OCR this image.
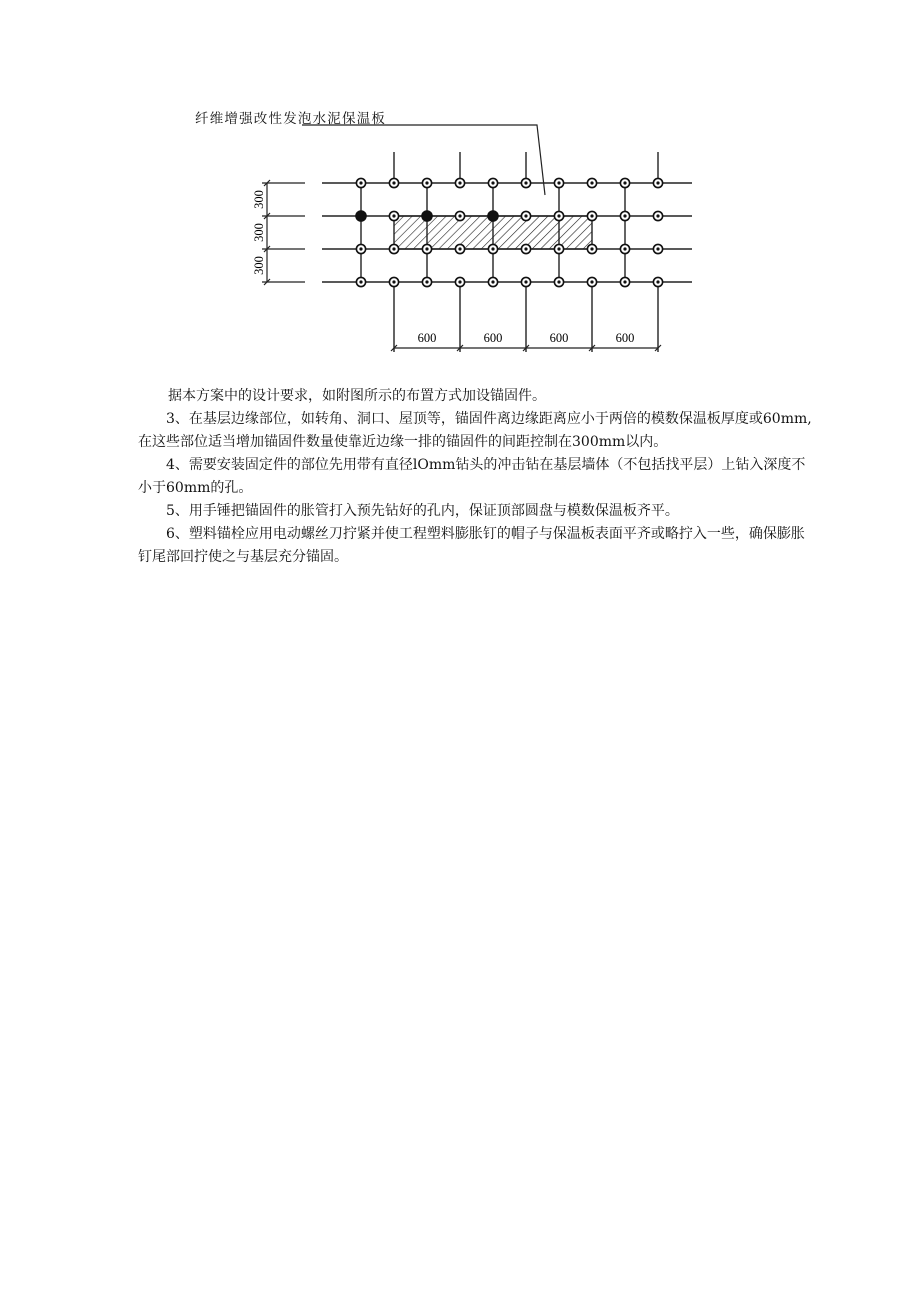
300
300
300
600	600	600	600
纤维增强改性发泡水泥保温板

据本方案中的设计要求，如附图所示的布置方式加设锚固件。

3、在基层边缘部位，如转角、洞口、屋顶等，锚固件离边缘距离应小于两倍的模数保温板厚度或60mm,在这些部位适当增加锚固件数量使靠近边缘一排的锚固件的间距控制在300mm以内。

4、需要安装固定件的部位先用带有直径lOmm钻头的冲击钻在基层墙体（不包括找平层）上钻入深度不小于60mm的孔。

5、用手锤把锚固件的胀管打入预先钻好的孔内，保证顶部圆盘与模数保温板齐平。

6、塑料锚栓应用电动螺丝刀拧紧并使工程塑料膨胀钉的帽子与保温板表面平齐或略拧入一些，确保膨胀钉尾部回拧使之与基层充分锚固。
